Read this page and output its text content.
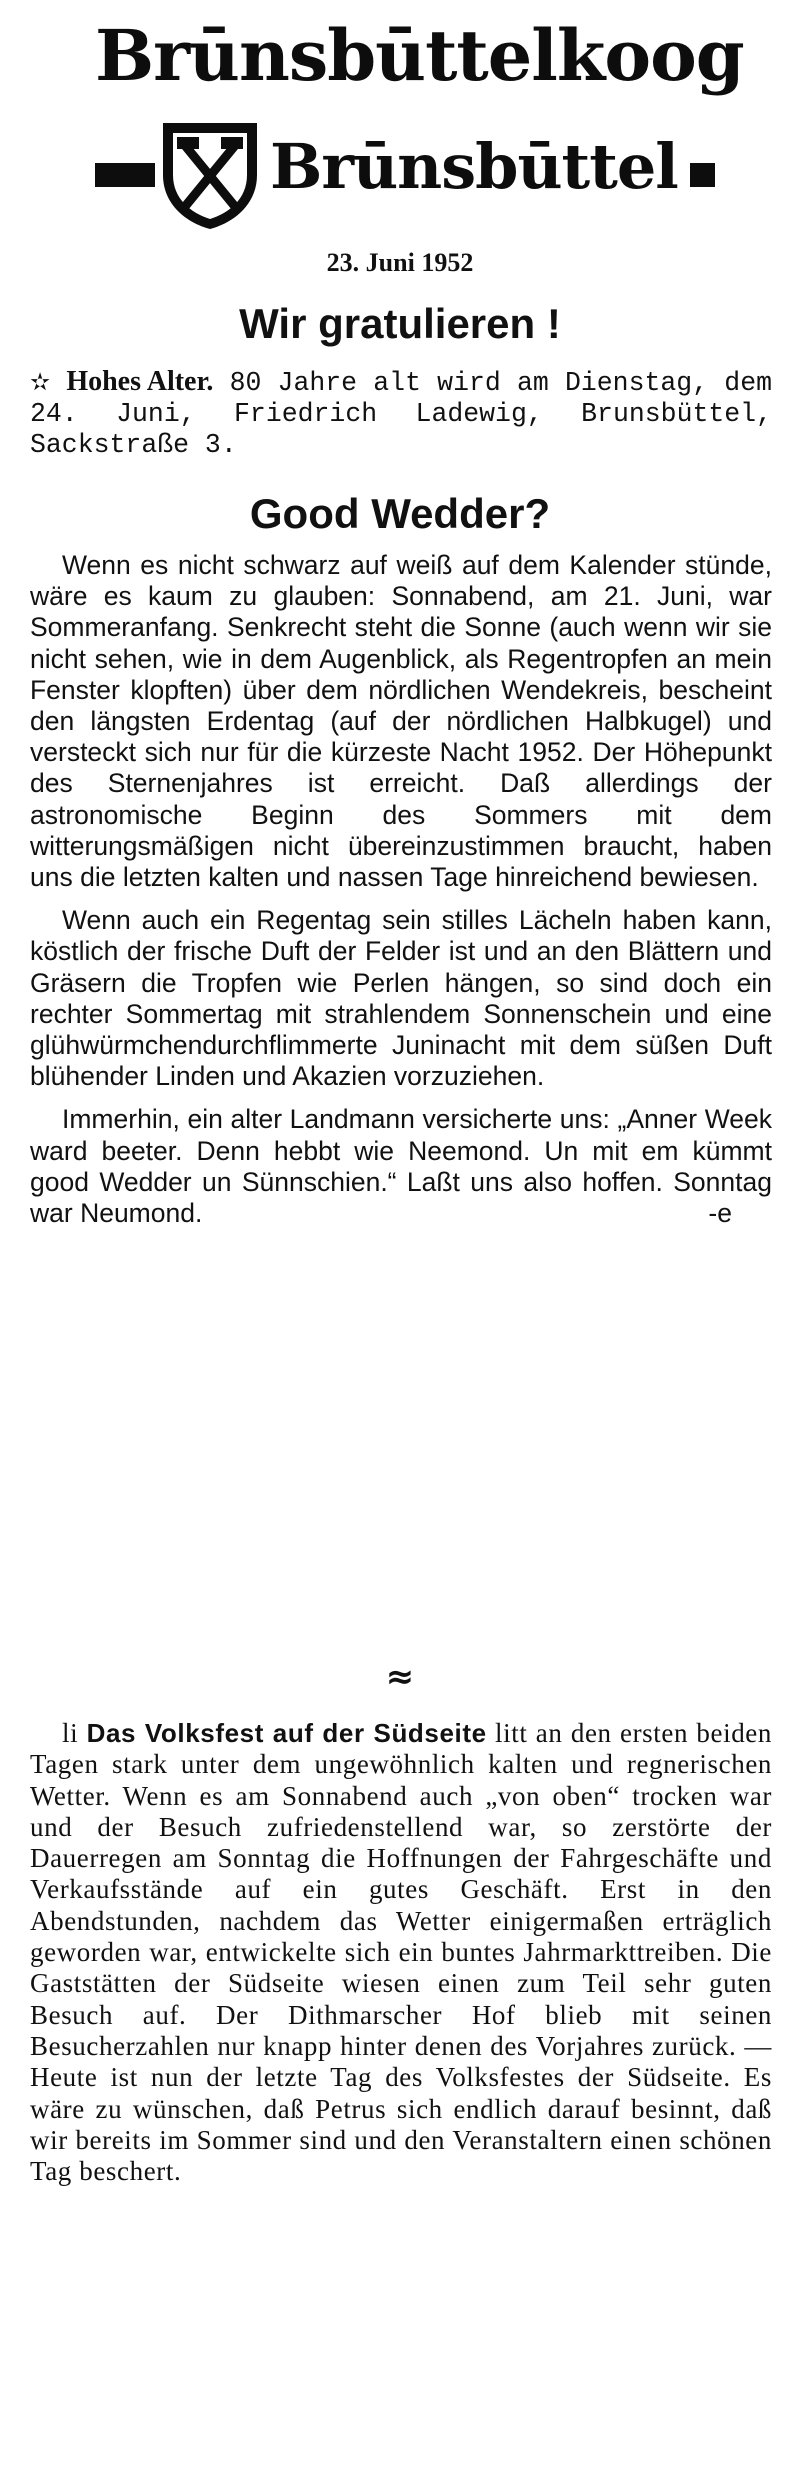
Brūnsbūttelkoog
Brūnsbūttel
23. Juni 1952
Wir gratulieren !

✫ Hohes Alter. 80 Jahre alt wird am Dienstag, dem 24. Juni, Friedrich Ladewig, Brunsbüttel, Sackstraße 3.

Good Wedder?

Wenn es nicht schwarz auf weiß auf dem Kalender stünde, wäre es kaum zu glauben: Sonnabend, am 21. Juni, war Sommeranfang. Senkrecht steht die Sonne (auch wenn wir sie nicht sehen, wie in dem Augenblick, als Regentropfen an mein Fenster klopften) über dem nördlichen Wendekreis, bescheint den längsten Erdentag (auf der nördlichen Halbkugel) und versteckt sich nur für die kürzeste Nacht 1952. Der Höhepunkt des Sternenjahres ist erreicht. Daß allerdings der astronomische Beginn des Sommers mit dem witterungsmäßigen nicht übereinzustimmen braucht, haben uns die letzten kalten und nassen Tage hinreichend bewiesen.

Wenn auch ein Regentag sein stilles Lächeln haben kann, köstlich der frische Duft der Felder ist und an den Blättern und Gräsern die Tropfen wie Perlen hängen, so sind doch ein rechter Sommertag mit strahlendem Sonnenschein und eine glühwürmchendurchflimmerte Juninacht mit dem süßen Duft blühender Linden und Akazien vorzuziehen.

Immerhin, ein alter Landmann versicherte uns: „Anner Week ward beeter. Denn hebbt wie Neemond. Un mit em kümmt good Wedder un Sünnschien.“ Laßt uns also hoffen. Sonntag war Neumond.	-e

≈

li Das Volksfest auf der Südseite litt an den ersten beiden Tagen stark unter dem ungewöhnlich kalten und regnerischen Wetter. Wenn es am Sonnabend auch „von oben“ trocken war und der Besuch zufriedenstellend war, so zerstörte der Dauerregen am Sonntag die Hoffnungen der Fahrgeschäfte und Verkaufsstände auf ein gutes Geschäft. Erst in den Abendstunden, nachdem das Wetter einigermaßen erträglich geworden war, entwickelte sich ein buntes Jahrmarkttreiben. Die Gaststätten der Südseite wiesen einen zum Teil sehr guten Besuch auf. Der Dithmarscher Hof blieb mit seinen Besucherzahlen nur knapp hinter denen des Vorjahres zurück. — Heute ist nun der letzte Tag des Volksfestes der Südseite. Es wäre zu wünschen, daß Petrus sich endlich darauf besinnt, daß wir bereits im Sommer sind und den Veranstaltern einen schönen Tag beschert.
